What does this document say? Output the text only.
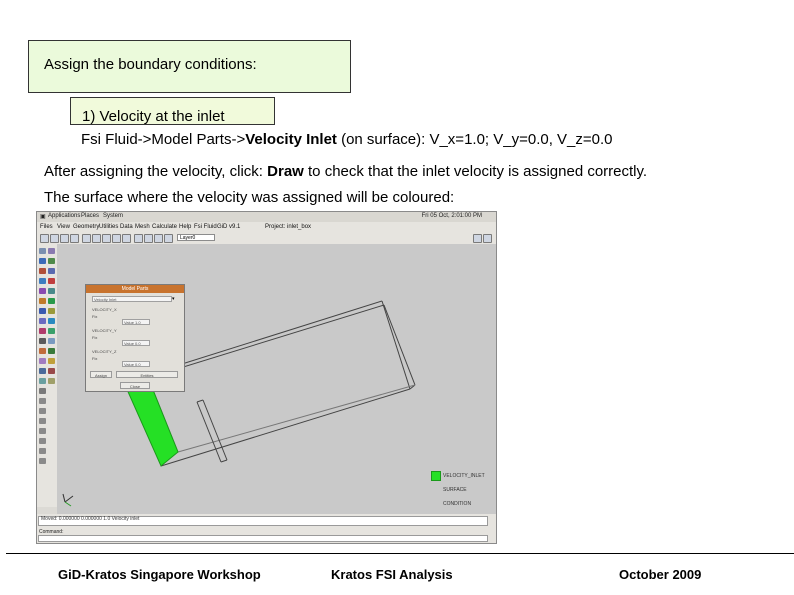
Assign the boundary conditions:
1) Velocity at the inlet
Fsi Fluid->Model Parts->Velocity Inlet (on surface): V_x=1.0; V_y=0.0, V_z=0.0
After assigning the velocity, click: Draw to check that the inlet velocity is assigned correctly.
The surface where the velocity was assigned will be coloured:
▣ Applications Places System	Fri 05 Oct, 2:01:00 PM
Files View Geometry Utilities Data Mesh Calculate Help Fsi Fluid GiD v9.1	Project: inlet_box
Layer0
Model Parts
Velocity Inlet	▾
VELOCITY_X
Fix
Value 1.0
VELOCITY_Y
Fix
Value 0.0
VELOCITY_Z
Fix
Value 0.0
Assign	Entities
Close
VELOCITY_INLET
SURFACE
CONDITION
Moved: 0.000000 0.000000 1.0 Velocity inlet
Command:
GiD-Kratos Singapore Workshop	Kratos FSI Analysis	October 2009
